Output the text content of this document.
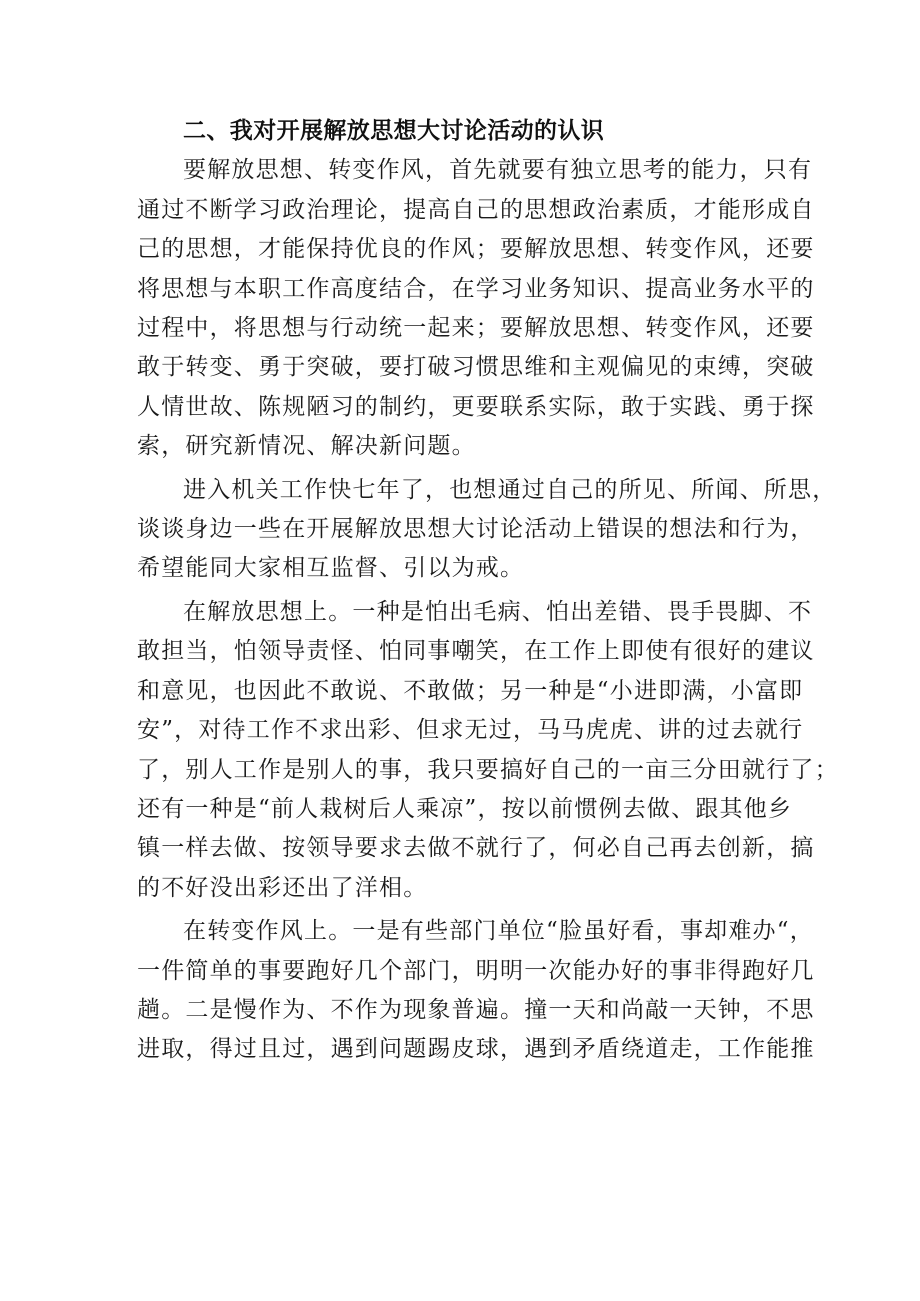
二、我对开展解放思想大讨论活动的认识
要解放思想、转变作风，首先就要有独立思考的能力，只有
通过不断学习政治理论，提高自己的思想政治素质，才能形成自
己的思想，才能保持优良的作风；要解放思想、转变作风，还要
将思想与本职工作高度结合，在学习业务知识、提高业务水平的
过程中，将思想与行动统一起来；要解放思想、转变作风，还要
敢于转变、勇于突破，要打破习惯思维和主观偏见的束缚，突破
人情世故、陈规陋习的制约，更要联系实际，敢于实践、勇于探
索，研究新情况、解决新问题。
进入机关工作快七年了，也想通过自己的所见、所闻、所思，
谈谈身边一些在开展解放思想大讨论活动上错误的想法和行为，
希望能同大家相互监督、引以为戒。
在解放思想上。一种是怕出毛病、怕出差错、畏手畏脚、不
敢担当，怕领导责怪、怕同事嘲笑，在工作上即使有很好的建议
和意见，也因此不敢说、不敢做；另一种是“小进即满，小富即
安”，对待工作不求出彩、但求无过，马马虎虎、讲的过去就行
了，别人工作是别人的事，我只要搞好自己的一亩三分田就行了；
还有一种是“前人栽树后人乘凉”，按以前惯例去做、跟其他乡
镇一样去做、按领导要求去做不就行了，何必自己再去创新，搞
的不好没出彩还出了洋相。
在转变作风上。一是有些部门单位“脸虽好看，事却难办“，
一件简单的事要跑好几个部门，明明一次能办好的事非得跑好几
趟。二是慢作为、不作为现象普遍。撞一天和尚敲一天钟，不思
进取，得过且过，遇到问题踢皮球，遇到矛盾绕道走，工作能推
